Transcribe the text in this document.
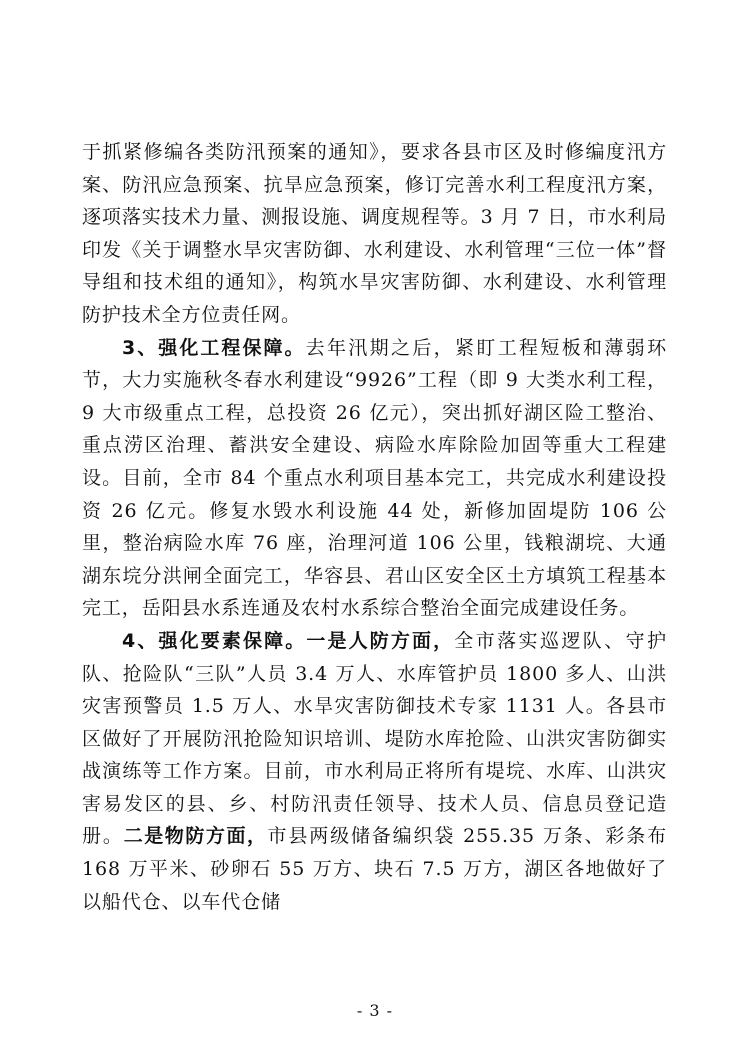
于抓紧修编各类防汛预案的通知》，要求各县市区及时修编度汛方案、防汛应急预案、抗旱应急预案，修订完善水利工程度汛方案，逐项落实技术力量、测报设施、调度规程等。3 月 7 日，市水利局印发《关于调整水旱灾害防御、水利建设、水利管理“三位一体”督导组和技术组的通知》，构筑水旱灾害防御、水利建设、水利管理防护技术全方位责任网。

3、强化工程保障。去年汛期之后，紧盯工程短板和薄弱环节，大力实施秋冬春水利建设“9926”工程（即 9 大类水利工程，9 大市级重点工程，总投资 26 亿元），突出抓好湖区险工整治、重点涝区治理、蓄洪安全建设、病险水库除险加固等重大工程建设。目前，全市 84 个重点水利项目基本完工，共完成水利建设投资 26 亿元。修复水毁水利设施 44 处，新修加固堤防 106 公里，整治病险水库 76 座，治理河道 106 公里，钱粮湖垸、大通湖东垸分洪闸全面完工，华容县、君山区安全区土方填筑工程基本完工，岳阳县水系连通及农村水系综合整治全面完成建设任务。

4、强化要素保障。一是人防方面，全市落实巡逻队、守护队、抢险队“三队”人员 3.4 万人、水库管护员 1800 多人、山洪灾害预警员 1.5 万人、水旱灾害防御技术专家 1131 人。各县市区做好了开展防汛抢险知识培训、堤防水库抢险、山洪灾害防御实战演练等工作方案。目前，市水利局正将所有堤垸、水库、山洪灾害易发区的县、乡、村防汛责任领导、技术人员、信息员登记造册。二是物防方面，市县两级储备编织袋 255.35 万条、彩条布 168 万平米、砂卵石 55 万方、块石 7.5 万方，湖区各地做好了以船代仓、以车代仓储

- 3 -
